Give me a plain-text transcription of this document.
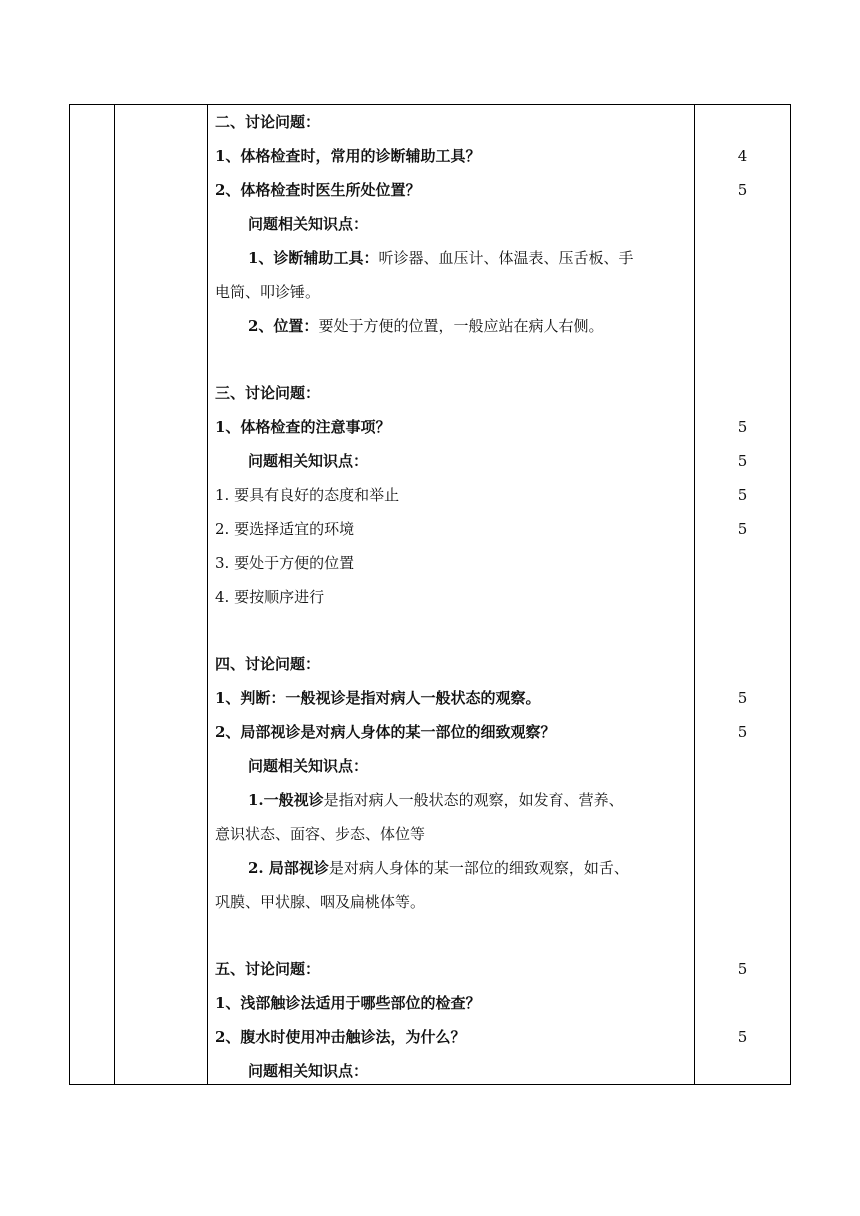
二、讨论问题：
1、体格检查时，常用的诊断辅助工具？
2、体格检查时医生所处位置？
问题相关知识点：
1、诊断辅助工具：听诊器、血压计、体温表、压舌板、手
电筒、叩诊锤。
2、位置：要处于方便的位置，一般应站在病人右侧。
三、讨论问题：
1、体格检查的注意事项？
问题相关知识点：
1. 要具有良好的态度和举止
2. 要选择适宜的环境
3. 要处于方便的位置
4. 要按顺序进行
四、讨论问题：
1、判断：一般视诊是指对病人一般状态的观察。
2、局部视诊是对病人身体的某一部位的细致观察？
问题相关知识点：
1.一般视诊是指对病人一般状态的观察，如发育、营养、
意识状态、面容、步态、体位等
2. 局部视诊是对病人身体的某一部位的细致观察，如舌、
巩膜、甲状腺、咽及扁桃体等。
五、讨论问题：
1、浅部触诊法适用于哪些部位的检查？
2、腹水时使用冲击触诊法，为什么？
问题相关知识点：
4
5
5
5
5
5
5
5
5
5
